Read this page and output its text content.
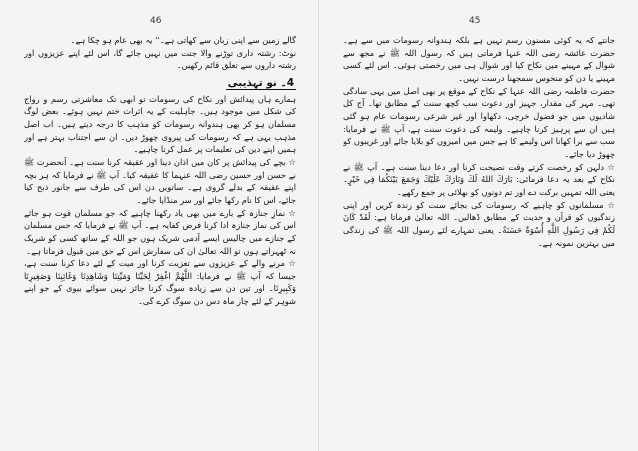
46

گالے زمین سے اپنی زبان سے کھاتی ہے۔'' یہ بھی عام ہو چکا ہے۔

نوٹ: رشتہ داری توڑنے والا جنت میں نہیں جائے گا، اس لئے اپنے عزیزوں اور رشتہ داروں سے تعلق قائم رکھیں۔

4۔ نو تہذیبی

ہمارے ہاں پیدائش اور نکاح کی رسومات تو ابھی تک معاشرتی رسم و رواج کی شکل میں موجود ہیں۔ جاہلیت کے یہ اثرات ختم نہیں ہوئے۔ بعض لوگ مسلمان ہو کر بھی ہندوانہ رسومات کو مذہب کا درجہ دیتے ہیں۔ اب اصل مذہب یہی ہے کہ رسومات کی پیروی چھوڑ دیں۔ ان سے اجتناب بہتر ہے اور ہمیں اپنے دین کی تعلیمات پر عمل کرنا چاہیے۔

☆ بچے کی پیدائش پر کان میں اذان دینا اور عقیقہ کرنا سنت ہے۔ آنحضرت ﷺ نے حسن اور حسین رضی اللہ عنہما کا عقیقہ کیا۔ آپ ﷺ نے فرمایا کہ ہر بچہ اپنے عقیقہ کے بدلے گروی ہے۔ ساتویں دن اس کی طرف سے جانور ذبح کیا جائے، اس کا نام رکھا جائے اور سر منڈایا جائے۔

☆ نمازِ جنازہ کے بارے میں بھی یاد رکھنا چاہیے کہ جو مسلمان فوت ہو جائے اس کی نماز جنازہ ادا کرنا فرض کفایہ ہے۔ آپ ﷺ نے فرمایا کہ جس مسلمان کے جنازے میں چالیس ایسے آدمی شریک ہوں جو اللہ کے ساتھ کسی کو شریک نہ ٹھہراتے ہوں تو اللہ تعالیٰ ان کی سفارش اس کے حق میں قبول فرماتا ہے۔

☆ مرنے والے کے عزیزوں سے تعزیت کرنا اور میت کے لئے دعا کرنا سنت ہے، جیسا کہ آپ ﷺ نے فرمایا: اللَّهُمَّ اغْفِرْ لِحَيِّنَا وَمَيِّتِنَا وَشَاهِدِنَا وَغَائِبِنَا وَصَغِيرِنَا وَكَبِيرِنَا۔ اور تین دن سے زیادہ سوگ کرنا جائز نہیں سوائے بیوی کے جو اپنے شوہر کے لئے چار ماہ دس دن سوگ کرے گی۔

45

جانتے کہ یہ کوئی مسنون رسم نہیں ہے بلکہ ہندوانہ رسومات میں سے ہے۔ حضرت عائشہ رضی اللہ عنہا فرماتی ہیں کہ رسول اللہ ﷺ نے مجھ سے شوال کے مہینے میں نکاح کیا اور شوال ہی میں رخصتی ہوئی۔ اس لئے کسی مہینے یا دن کو منحوس سمجھنا درست نہیں۔

حضرت فاطمہ رضی اللہ عنہا کے نکاح کے موقع پر بھی اصل میں یہی سادگی تھی۔ مہر کی مقدار، جہیز اور دعوت سب کچھ سنت کے مطابق تھا۔ آج کل شادیوں میں جو فضول خرچی، دکھاوا اور غیر شرعی رسومات عام ہو گئی ہیں ان سے پرہیز کرنا چاہیے۔ ولیمہ کی دعوت سنت ہے، آپ ﷺ نے فرمایا: سب سے برا کھانا اس ولیمے کا ہے جس میں امیروں کو بلایا جائے اور غریبوں کو چھوڑ دیا جائے۔

☆ دلہن کو رخصت کرتے وقت نصیحت کرنا اور دعا دینا سنت ہے۔ آپ ﷺ نے نکاح کے بعد یہ دعا فرمائی: بَارَكَ اللهُ لَكَ وَبَارَكَ عَلَيْكَ وَجَمَعَ بَيْنَكُمَا فِي خَيْرٍ۔ یعنی اللہ تمہیں برکت دے اور تم دونوں کو بھلائی پر جمع رکھے۔

☆ مسلمانوں کو چاہیے کہ رسومات کی بجائے سنت کو زندہ کریں اور اپنی زندگیوں کو قرآن و حدیث کے مطابق ڈھالیں۔ اللہ تعالیٰ فرماتا ہے: لَقَدْ كَانَ لَكُمْ فِي رَسُولِ اللَّهِ أُسْوَةٌ حَسَنَةٌ۔ یعنی تمہارے لئے رسول اللہ ﷺ کی زندگی میں بہترین نمونہ ہے۔
